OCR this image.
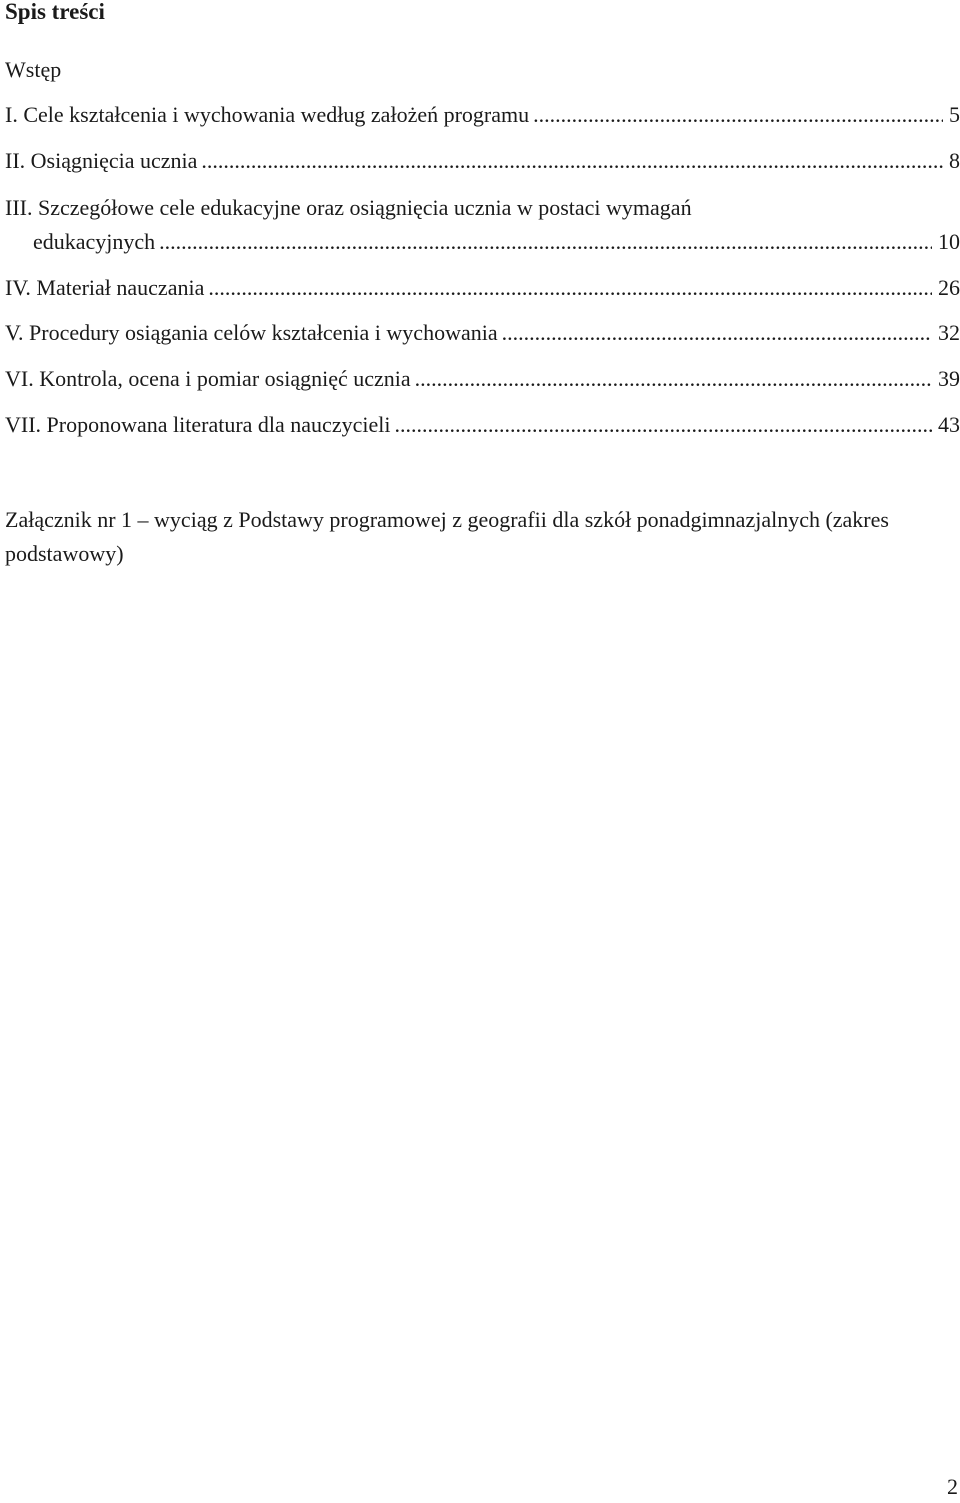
Spis treści
Wstęp
I. Cele kształcenia i wychowania według założeń programu .....	5
II. Osiągnięcia ucznia .....	8
III. Szczegółowe cele edukacyjne oraz osiągnięcia ucznia w postaci wymagań
edukacyjnych .....	10
IV. Materiał nauczania .....	26
V. Procedury osiągania celów kształcenia i wychowania .....	32
VI. Kontrola, ocena i pomiar osiągnięć ucznia .....	39
VII. Proponowana literatura dla nauczycieli .....	43
Załącznik nr 1 – wyciąg z Podstawy programowej z geografii dla szkół ponadgimnazjalnych (zakres podstawowy)
2
